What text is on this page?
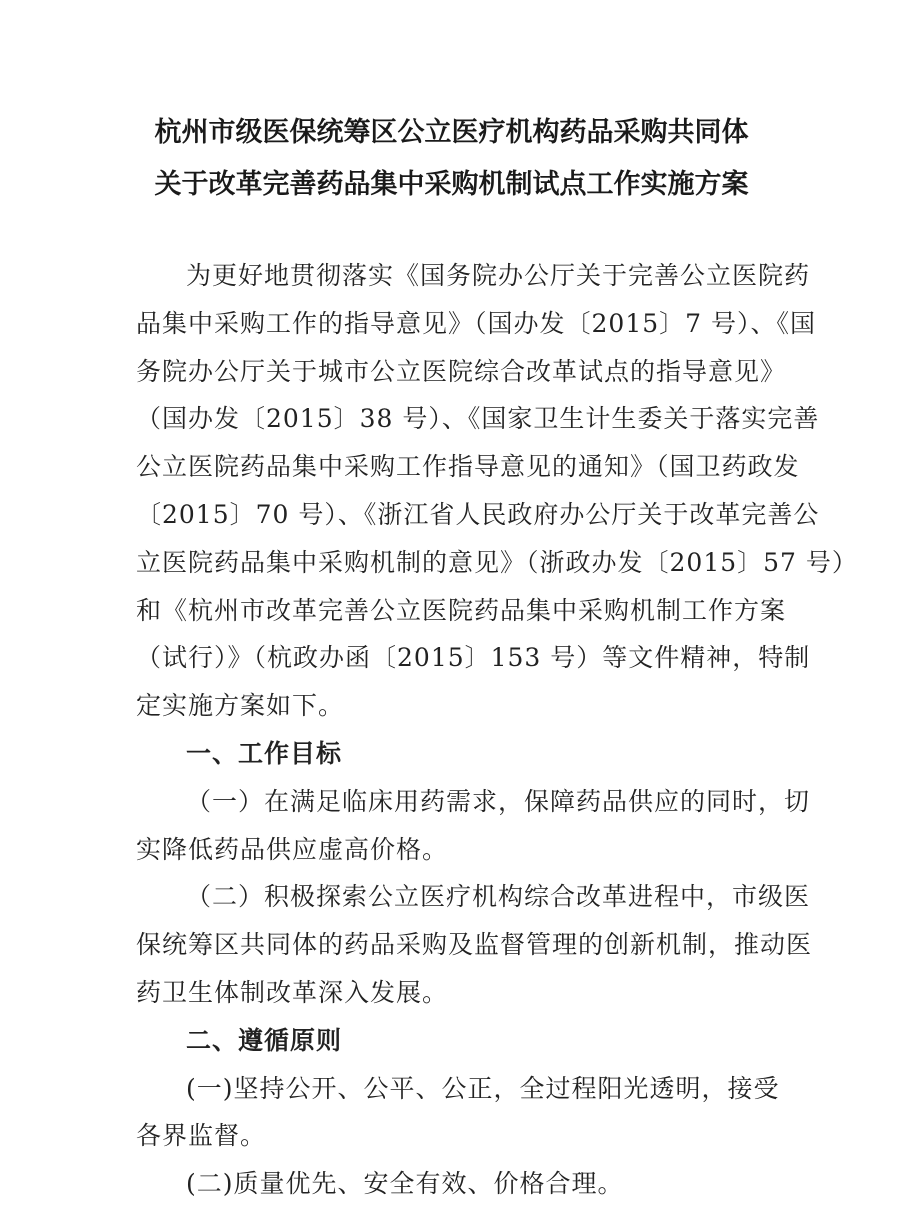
杭州市级医保统筹区公立医疗机构药品采购共同体
关于改革完善药品集中采购机制试点工作实施方案
为更好地贯彻落实《国务院办公厅关于完善公立医院药
品集中采购工作的指导意见》（国办发〔2015〕7 号）、《国
务院办公厅关于城市公立医院综合改革试点的指导意见》
（国办发〔2015〕38 号）、《国家卫生计生委关于落实完善
公立医院药品集中采购工作指导意见的通知》（国卫药政发
〔2015〕70 号）、《浙江省人民政府办公厅关于改革完善公
立医院药品集中采购机制的意见》（浙政办发〔2015〕57 号）
和《杭州市改革完善公立医院药品集中采购机制工作方案
（试行）》（杭政办函〔2015〕153 号）等文件精神，特制
定实施方案如下。
一、工作目标
（一）在满足临床用药需求，保障药品供应的同时，切
实降低药品供应虚高价格。
（二）积极探索公立医疗机构综合改革进程中，市级医
保统筹区共同体的药品采购及监督管理的创新机制，推动医
药卫生体制改革深入发展。
二、遵循原则
(一)坚持公开、公平、公正，全过程阳光透明，接受
各界监督。
(二)质量优先、安全有效、价格合理。
